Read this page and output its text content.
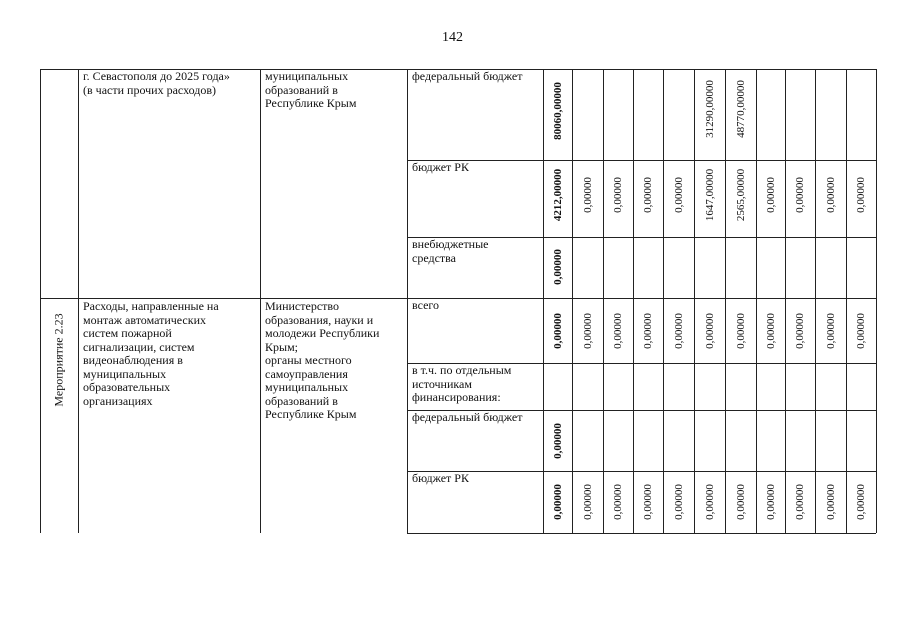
142
г. Севастополя до 2025 года»
(в части прочих расходов)
муниципальных
образований в
Республике Крым
федеральный бюджет
80060,00000	31290,00000 48770,00000
бюджет РК
4212,00000 0,00000 0,00000 0,00000 0,00000 1647,00000 2565,00000 0,00000 0,00000 0,00000 0,00000
внебюджетные
средства	0,00000
Мероприятие 2.23
Расходы, направленные на
монтаж автоматических
систем пожарной
сигнализации, систем
видеонаблюдения в
муниципальных
образовательных
организациях
Министерство
образования, науки и
молодежи Республики
Крым;
органы местного
самоуправления
муниципальных
образований в
Республике Крым
всего
0,00000 0,00000 0,00000 0,00000 0,00000 0,00000 0,00000 0,00000 0,00000 0,00000 0,00000
в т.ч. по отдельным
источникам
финансирования:
федеральный бюджет
0,00000
бюджет РК
0,00000 0,00000 0,00000 0,00000 0,00000 0,00000 0,00000 0,00000 0,00000 0,00000 0,00000
